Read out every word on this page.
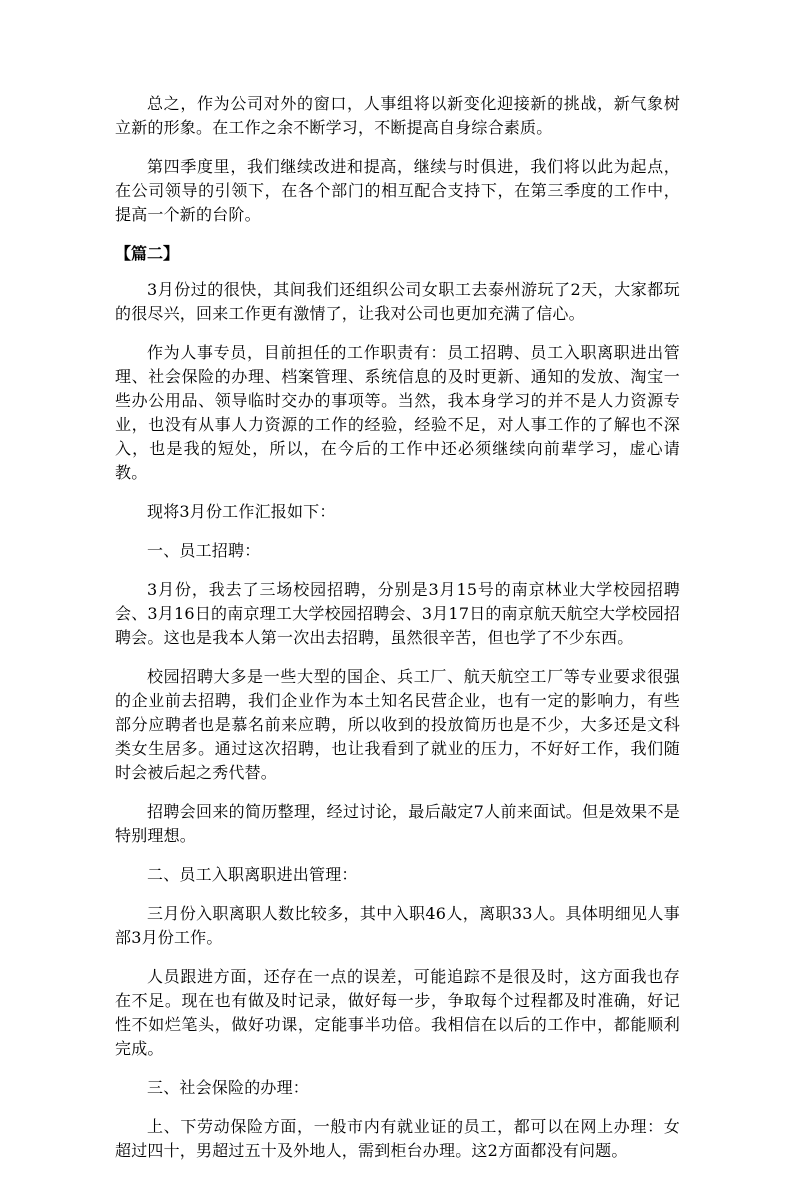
总之，作为公司对外的窗口，人事组将以新变化迎接新的挑战，新气象树立新的形象。在工作之余不断学习，不断提高自身综合素质。

第四季度里，我们继续改进和提高，继续与时俱进，我们将以此为起点，在公司领导的引领下，在各个部门的相互配合支持下，在第三季度的工作中，提高一个新的台阶。

【篇二】

3月份过的很快，其间我们还组织公司女职工去泰州游玩了2天，大家都玩的很尽兴，回来工作更有激情了，让我对公司也更加充满了信心。

作为人事专员，目前担任的工作职责有：员工招聘、员工入职离职进出管理、社会保险的办理、档案管理、系统信息的及时更新、通知的发放、淘宝一些办公用品、领导临时交办的事项等。当然，我本身学习的并不是人力资源专业，也没有从事人力资源的工作的经验，经验不足，对人事工作的了解也不深入，也是我的短处，所以，在今后的工作中还必须继续向前辈学习，虚心请教。

现将3月份工作汇报如下：

一、员工招聘：

3月份，我去了三场校园招聘，分别是3月15号的南京林业大学校园招聘会、3月16日的南京理工大学校园招聘会、3月17日的南京航天航空大学校园招聘会。这也是我本人第一次出去招聘，虽然很辛苦，但也学了不少东西。

校园招聘大多是一些大型的国企、兵工厂、航天航空工厂等专业要求很强的企业前去招聘，我们企业作为本土知名民营企业，也有一定的影响力，有些部分应聘者也是慕名前来应聘，所以收到的投放简历也是不少，大多还是文科类女生居多。通过这次招聘，也让我看到了就业的压力，不好好工作，我们随时会被后起之秀代替。

招聘会回来的简历整理，经过讨论，最后敲定7人前来面试。但是效果不是特别理想。

二、员工入职离职进出管理：

三月份入职离职人数比较多，其中入职46人，离职33人。具体明细见人事部3月份工作。

人员跟进方面，还存在一点的误差，可能追踪不是很及时，这方面我也存在不足。现在也有做及时记录，做好每一步，争取每个过程都及时准确，好记性不如烂笔头，做好功课，定能事半功倍。我相信在以后的工作中，都能顺利完成。

三、社会保险的办理：

上、下劳动保险方面，一般市内有就业证的员工，都可以在网上办理：女超过四十，男超过五十及外地人，需到柜台办理。这2方面都没有问题。
